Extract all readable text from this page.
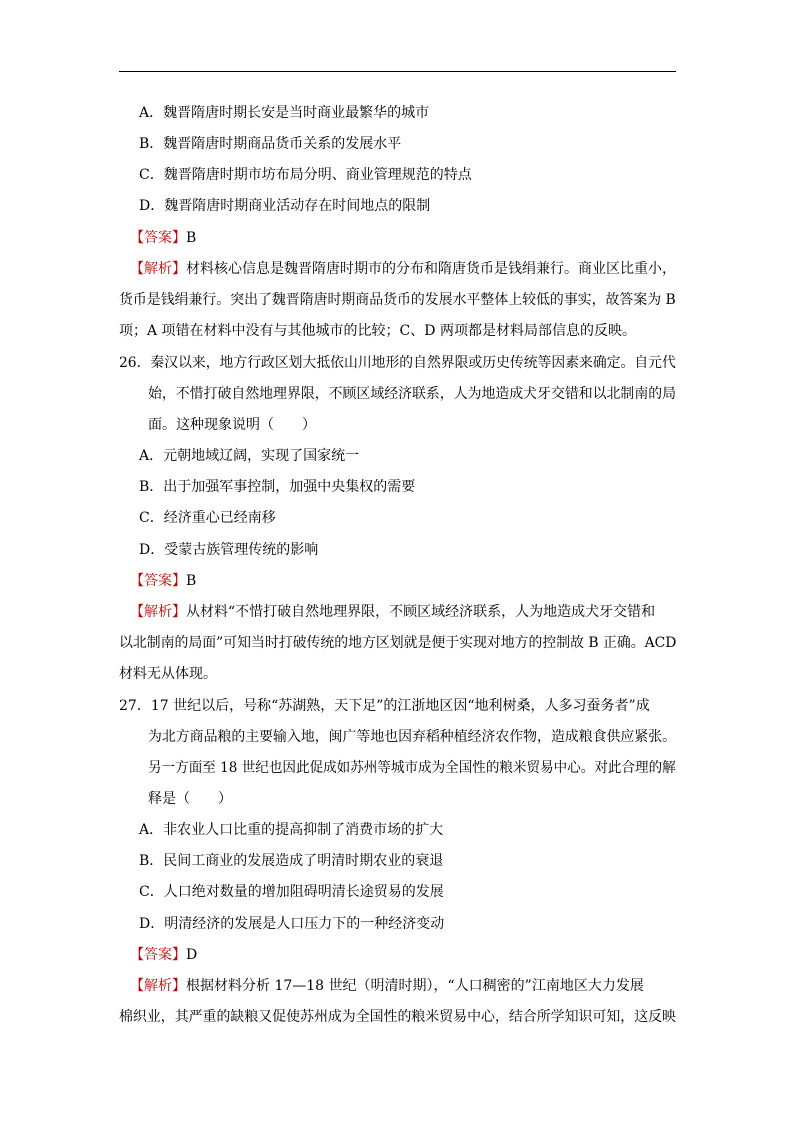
A．魏晋隋唐时期长安是当时商业最繁华的城市
B．魏晋隋唐时期商品货币关系的发展水平
C．魏晋隋唐时期市坊布局分明、商业管理规范的特点
D．魏晋隋唐时期商业活动存在时间地点的限制
【答案】B
【解析】材料核心信息是魏晋隋唐时期市的分布和隋唐货币是钱绢兼行。商业区比重小，
货币是钱绢兼行。突出了魏晋隋唐时期商品货币的发展水平整体上较低的事实，故答案为 B
项；A 项错在材料中没有与其他城市的比较；C、D 两项都是材料局部信息的反映。
26．秦汉以来，地方行政区划大抵依山川地形的自然界限或历史传统等因素来确定。自元代
始，不惜打破自然地理界限，不顾区域经济联系，人为地造成犬牙交错和以北制南的局
面。这种现象说明（　　）
A．元朝地域辽阔，实现了国家统一
B．出于加强军事控制，加强中央集权的需要
C．经济重心已经南移
D．受蒙古族管理传统的影响
【答案】B
【解析】从材料“不惜打破自然地理界限，不顾区域经济联系，人为地造成犬牙交错和
以北制南的局面”可知当时打破传统的地方区划就是便于实现对地方的控制故 B 正确。ACD
材料无从体现。
27．17 世纪以后，号称“苏湖熟，天下足”的江浙地区因“地利树桑，人多习蚕务者”成
为北方商品粮的主要输入地，闽广等地也因弃稻种植经济农作物，造成粮食供应紧张。
另一方面至 18 世纪也因此促成如苏州等城市成为全国性的粮米贸易中心。对此合理的解
释是（　　）
A．非农业人口比重的提高抑制了消费市场的扩大
B．民间工商业的发展造成了明清时期农业的衰退
C．人口绝对数量的增加阻碍明清长途贸易的发展
D．明清经济的发展是人口压力下的一种经济变动
【答案】D
【解析】根据材料分析 17—18 世纪（明清时期），“人口稠密的”江南地区大力发展
棉织业，其严重的缺粮又促使苏州成为全国性的粮米贸易中心，结合所学知识可知，这反映
